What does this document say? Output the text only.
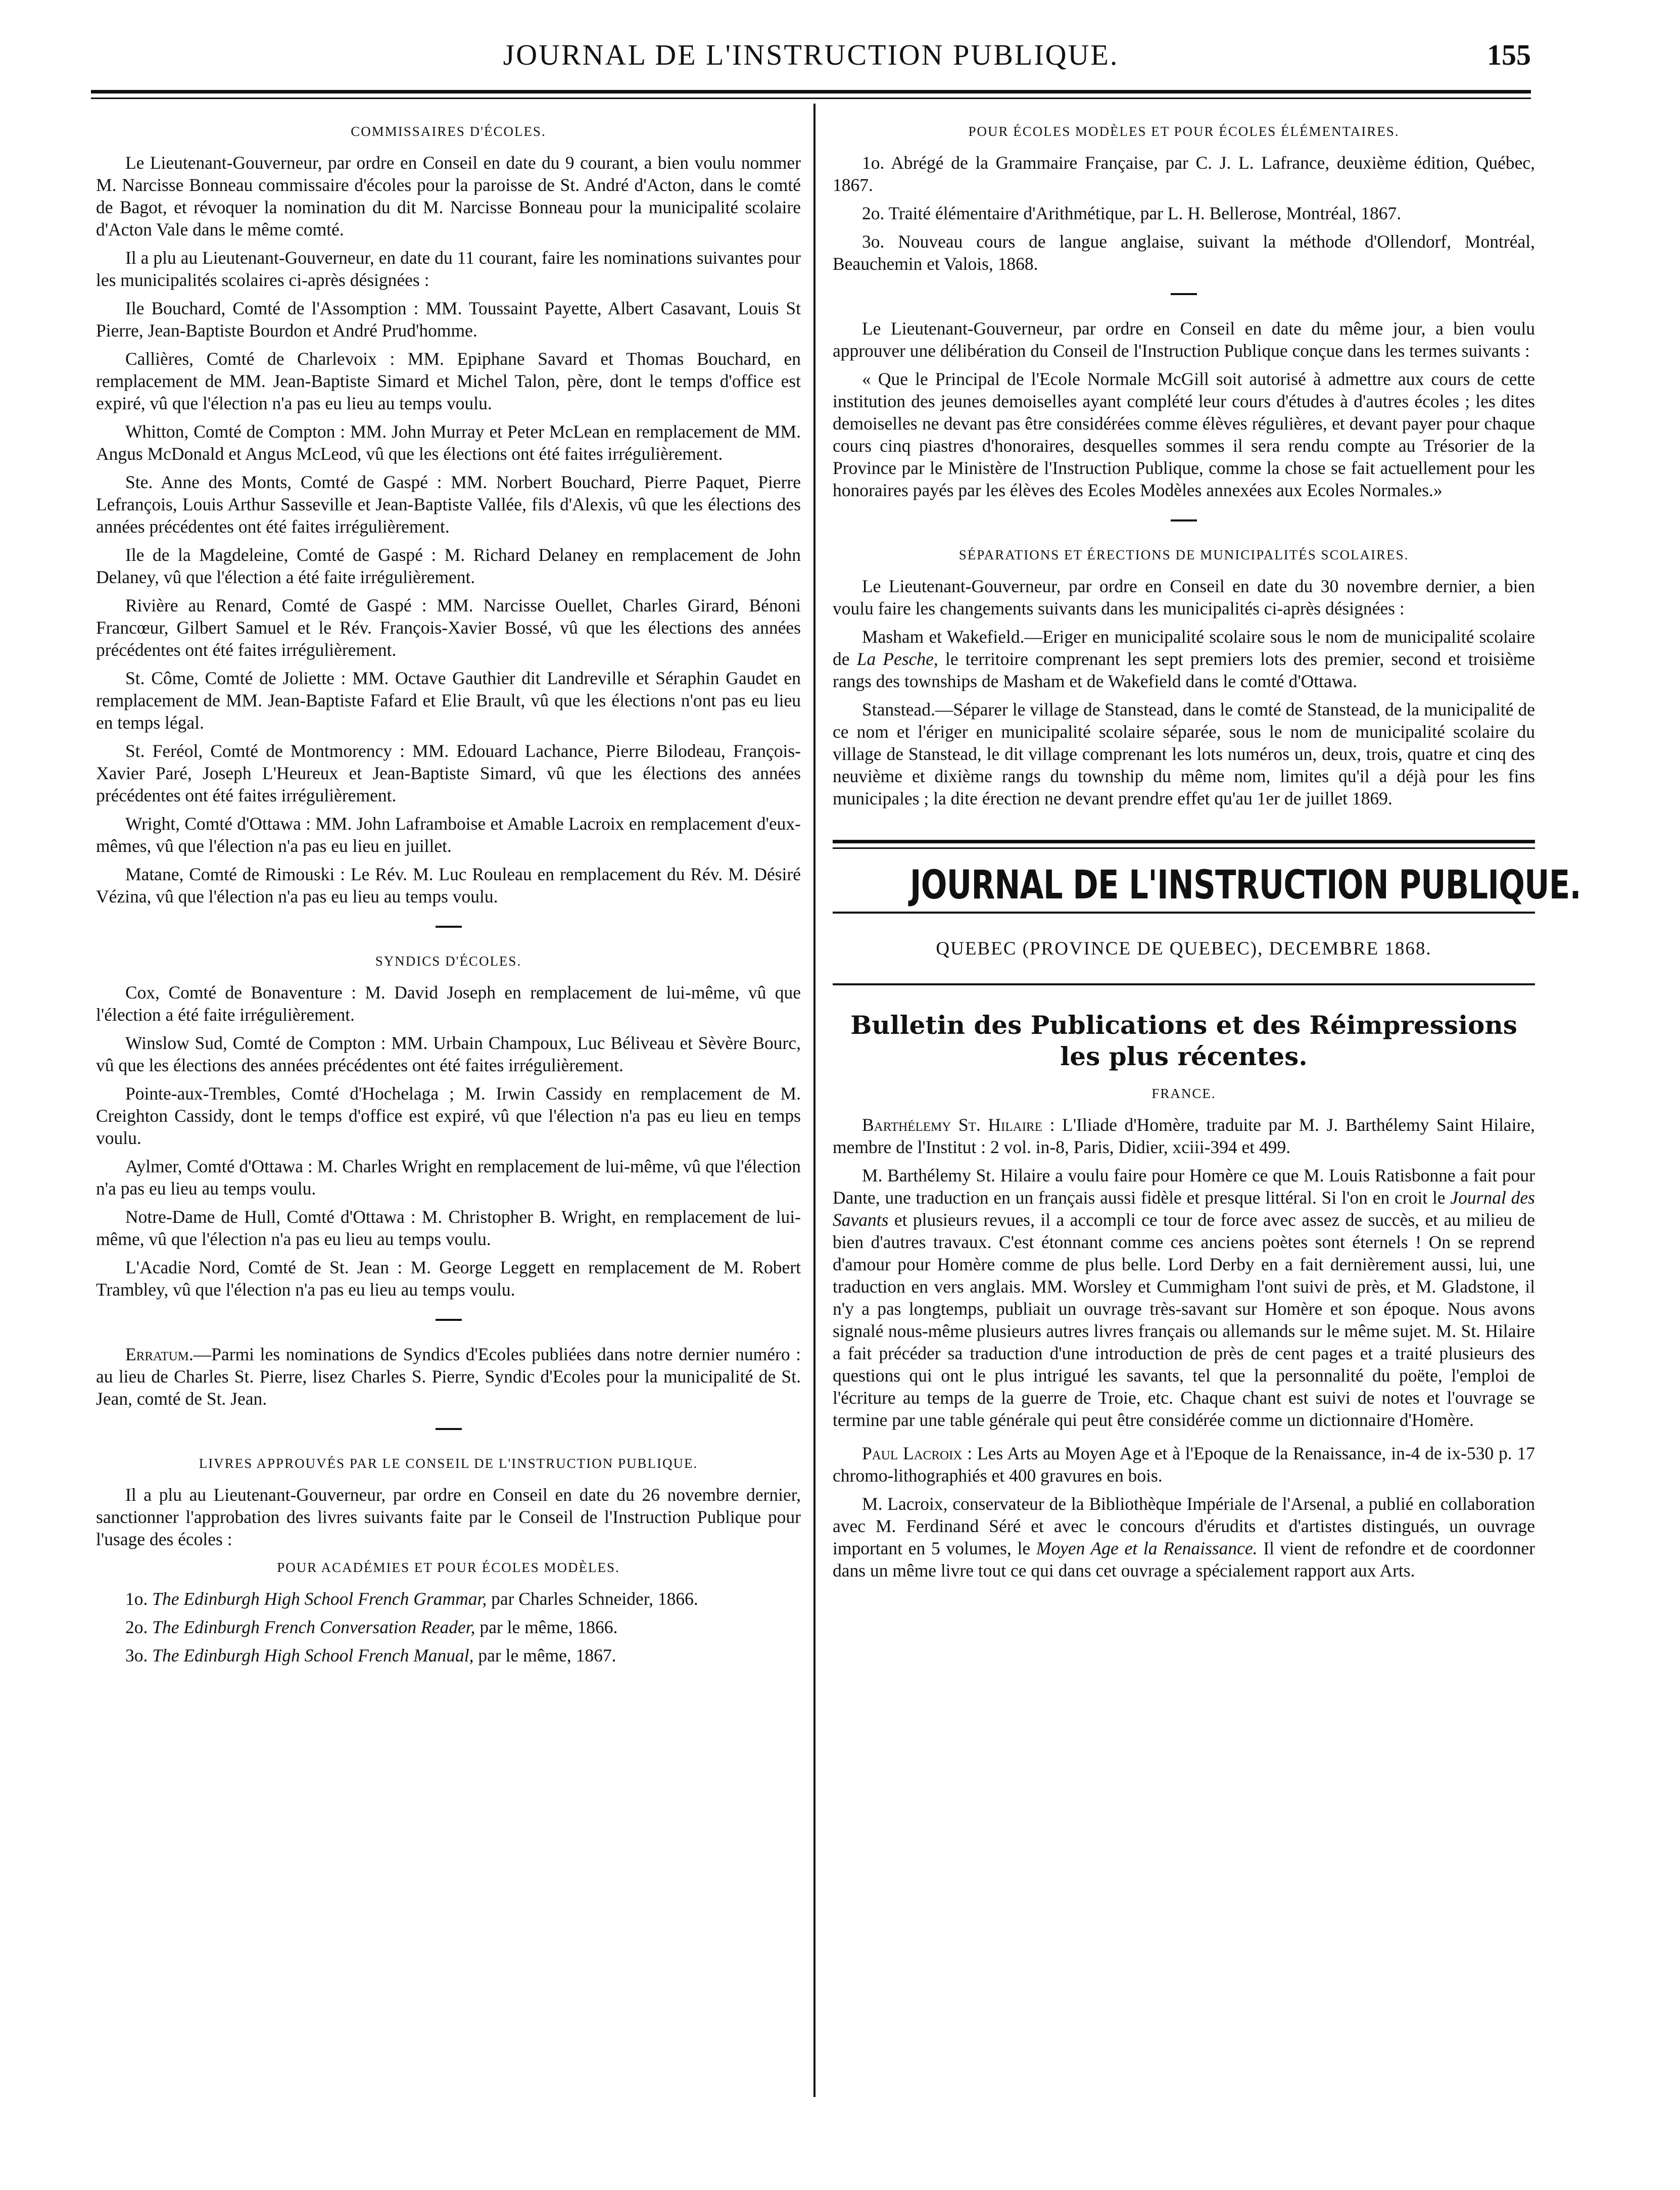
JOURNAL DE L'INSTRUCTION PUBLIQUE.	155
COMMISSAIRES D'ÉCOLES.

Le Lieutenant-Gouverneur, par ordre en Conseil en date du 9 courant, a bien voulu nommer M. Narcisse Bonneau commissaire d'écoles pour la paroisse de St. André d'Acton, dans le comté de Bagot, et révoquer la nomination du dit M. Narcisse Bonneau pour la municipalité scolaire d'Acton Vale dans le même comté.

Il a plu au Lieutenant-Gouverneur, en date du 11 courant, faire les nominations suivantes pour les municipalités scolaires ci-après désignées :

Ile Bouchard, Comté de l'Assomption : MM. Toussaint Payette, Albert Casavant, Louis St Pierre, Jean-Baptiste Bourdon et André Prud'homme.

Callières, Comté de Charlevoix : MM. Epiphane Savard et Thomas Bouchard, en remplacement de MM. Jean-Baptiste Simard et Michel Talon, père, dont le temps d'office est expiré, vû que l'élection n'a pas eu lieu au temps voulu.

Whitton, Comté de Compton : MM. John Murray et Peter McLean en remplacement de MM. Angus McDonald et Angus McLeod, vû que les élections ont été faites irrégulièrement.

Ste. Anne des Monts, Comté de Gaspé : MM. Norbert Bouchard, Pierre Paquet, Pierre Lefrançois, Louis Arthur Sasseville et Jean-Baptiste Vallée, fils d'Alexis, vû que les élections des années précédentes ont été faites irrégulièrement.

Ile de la Magdeleine, Comté de Gaspé : M. Richard Delaney en remplacement de John Delaney, vû que l'élection a été faite irrégulièrement.

Rivière au Renard, Comté de Gaspé : MM. Narcisse Ouellet, Charles Girard, Bénoni Francœur, Gilbert Samuel et le Rév. François-Xavier Bossé, vû que les élections des années précédentes ont été faites irrégulièrement.

St. Côme, Comté de Joliette : MM. Octave Gauthier dit Landreville et Séraphin Gaudet en remplacement de MM. Jean-Baptiste Fafard et Elie Brault, vû que les élections n'ont pas eu lieu en temps légal.

St. Feréol, Comté de Montmorency : MM. Edouard Lachance, Pierre Bilodeau, François-Xavier Paré, Joseph L'Heureux et Jean-Baptiste Simard, vû que les élections des années précédentes ont été faites irrégulièrement.

Wright, Comté d'Ottawa : MM. John Laframboise et Amable Lacroix en remplacement d'eux-mêmes, vû que l'élection n'a pas eu lieu en juillet.

Matane, Comté de Rimouski : Le Rév. M. Luc Rouleau en remplacement du Rév. M. Désiré Vézina, vû que l'élection n'a pas eu lieu au temps voulu.

SYNDICS D'ÉCOLES.

Cox, Comté de Bonaventure : M. David Joseph en remplacement de lui-même, vû que l'élection a été faite irrégulièrement.

Winslow Sud, Comté de Compton : MM. Urbain Champoux, Luc Béliveau et Sèvère Bourc, vû que les élections des années précédentes ont été faites irrégulièrement.

Pointe-aux-Trembles, Comté d'Hochelaga ; M. Irwin Cassidy en remplacement de M. Creighton Cassidy, dont le temps d'office est expiré, vû que l'élection n'a pas eu lieu en temps voulu.

Aylmer, Comté d'Ottawa : M. Charles Wright en remplacement de lui-même, vû que l'élection n'a pas eu lieu au temps voulu.

Notre-Dame de Hull, Comté d'Ottawa : M. Christopher B. Wright, en remplacement de lui-même, vû que l'élection n'a pas eu lieu au temps voulu.

L'Acadie Nord, Comté de St. Jean : M. George Leggett en remplacement de M. Robert Trambley, vû que l'élection n'a pas eu lieu au temps voulu.

Erratum.—Parmi les nominations de Syndics d'Ecoles publiées dans notre dernier numéro : au lieu de Charles St. Pierre, lisez Charles S. Pierre, Syndic d'Ecoles pour la municipalité de St. Jean, comté de St. Jean.

LIVRES APPROUVÉS PAR LE CONSEIL DE L'INSTRUCTION PUBLIQUE.

Il a plu au Lieutenant-Gouverneur, par ordre en Conseil en date du 26 novembre dernier, sanctionner l'approbation des livres suivants faite par le Conseil de l'Instruction Publique pour l'usage des écoles :

POUR ACADÉMIES ET POUR ÉCOLES MODÈLES.

1o. The Edinburgh High School French Grammar, par Charles Schneider, 1866.

2o. The Edinburgh French Conversation Reader, par le même, 1866.

3o. The Edinburgh High School French Manual, par le même, 1867.

POUR ÉCOLES MODÈLES ET POUR ÉCOLES ÉLÉMENTAIRES.

1o. Abrégé de la Grammaire Française, par C. J. L. Lafrance, deuxième édition, Québec, 1867.

2o. Traité élémentaire d'Arithmétique, par L. H. Bellerose, Montréal, 1867.

3o. Nouveau cours de langue anglaise, suivant la méthode d'Ollendorf, Montréal, Beauchemin et Valois, 1868.

Le Lieutenant-Gouverneur, par ordre en Conseil en date du même jour, a bien voulu approuver une délibération du Conseil de l'Instruction Publique conçue dans les termes suivants :

« Que le Principal de l'Ecole Normale McGill soit autorisé à admettre aux cours de cette institution des jeunes demoiselles ayant complété leur cours d'études à d'autres écoles ; les dites demoiselles ne devant pas être considérées comme élèves régulières, et devant payer pour chaque cours cinq piastres d'honoraires, desquelles sommes il sera rendu compte au Trésorier de la Province par le Ministère de l'Instruction Publique, comme la chose se fait actuellement pour les honoraires payés par les élèves des Ecoles Modèles annexées aux Ecoles Normales.»

SÉPARATIONS ET ÉRECTIONS DE MUNICIPALITÉS SCOLAIRES.

Le Lieutenant-Gouverneur, par ordre en Conseil en date du 30 novembre dernier, a bien voulu faire les changements suivants dans les municipalités ci-après désignées :

Masham et Wakefield.—Eriger en municipalité scolaire sous le nom de municipalité scolaire de La Pesche, le territoire comprenant les sept premiers lots des premier, second et troisième rangs des townships de Masham et de Wakefield dans le comté d'Ottawa.

Stanstead.—Séparer le village de Stanstead, dans le comté de Stanstead, de la municipalité de ce nom et l'ériger en municipalité scolaire séparée, sous le nom de municipalité scolaire du village de Stanstead, le dit village comprenant les lots numéros un, deux, trois, quatre et cinq des neuvième et dixième rangs du township du même nom, limites qu'il a déjà pour les fins municipales ; la dite érection ne devant prendre effet qu'au 1er de juillet 1869.

JOURNAL DE L'INSTRUCTION PUBLIQUE.
QUEBEC (PROVINCE DE QUEBEC), DECEMBRE 1868.
Bulletin des Publications et des Réimpressions les plus récentes.
FRANCE.

Barthélemy St. Hilaire : L'Iliade d'Homère, traduite par M. J. Barthélemy Saint Hilaire, membre de l'Institut : 2 vol. in-8, Paris, Didier, xciii-394 et 499.

M. Barthélemy St. Hilaire a voulu faire pour Homère ce que M. Louis Ratisbonne a fait pour Dante, une traduction en un français aussi fidèle et presque littéral. Si l'on en croit le Journal des Savants et plusieurs revues, il a accompli ce tour de force avec assez de succès, et au milieu de bien d'autres travaux. C'est étonnant comme ces anciens poètes sont éternels ! On se reprend d'amour pour Homère comme de plus belle. Lord Derby en a fait dernièrement aussi, lui, une traduction en vers anglais. MM. Worsley et Cummigham l'ont suivi de près, et M. Gladstone, il n'y a pas longtemps, publiait un ouvrage très-savant sur Homère et son époque. Nous avons signalé nous-même plusieurs autres livres français ou allemands sur le même sujet. M. St. Hilaire a fait précéder sa traduction d'une introduction de près de cent pages et a traité plusieurs des questions qui ont le plus intrigué les savants, tel que la personnalité du poëte, l'emploi de l'écriture au temps de la guerre de Troie, etc. Chaque chant est suivi de notes et l'ouvrage se termine par une table générale qui peut être considérée comme un dictionnaire d'Homère.

Paul Lacroix : Les Arts au Moyen Age et à l'Epoque de la Renaissance, in-4 de ix-530 p. 17 chromo-lithographiés et 400 gravures en bois.

M. Lacroix, conservateur de la Bibliothèque Impériale de l'Arsenal, a publié en collaboration avec M. Ferdinand Séré et avec le concours d'érudits et d'artistes distingués, un ouvrage important en 5 volumes, le Moyen Age et la Renaissance. Il vient de refondre et de coordonner dans un même livre tout ce qui dans cet ouvrage a spécialement rapport aux Arts.
